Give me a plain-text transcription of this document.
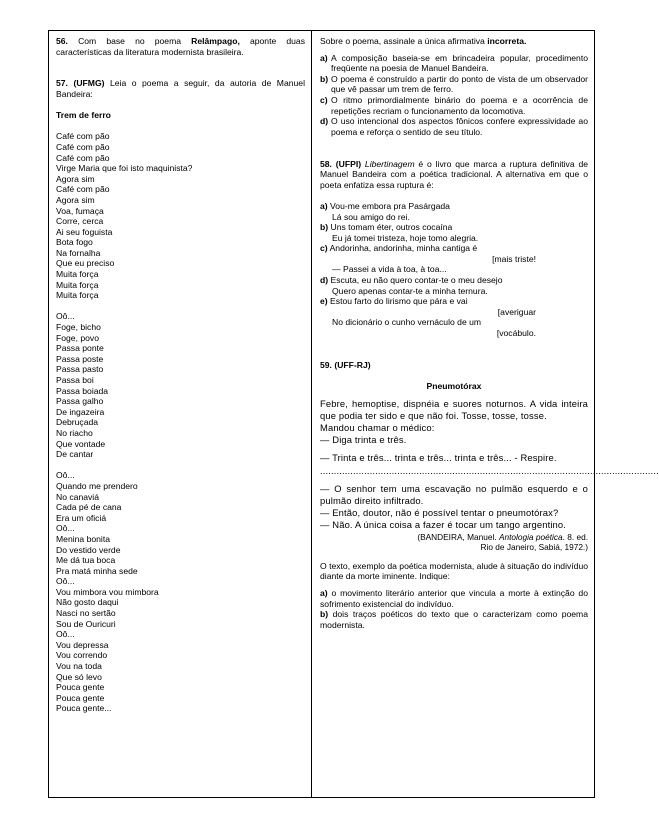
56. Com base no poema Relâmpago, aponte duas características da literatura modernista brasileira.

57. (UFMG) Leia o poema a seguir, da autoria de Manuel Bandeira:

Trem de ferro

Café com pão
Café com pão
Café com pão
Virge Maria que foi isto maquinista?
Agora sim
Café com pão
Agora sim
Voa, fumaça
Corre, cerca
Ai seu foguista
Bota fogo
Na fornalha
Que eu preciso
Muita força
Muita força
Muita força
Oô...
Foge, bicho
Foge, povo
Passa ponte
Passa poste
Passa pasto
Passa boi
Passa boiada
Passa galho
De ingazeira
Debruçada
No riacho
Que vontade
De cantar
Oô...
Quando me prendero
No canaviá
Cada pé de cana
Era um oficiá
Oô...
Menina bonita
Do vestido verde
Me dá tua boca
Pra matá minha sede
Oô...
Vou mimbora vou mimbora
Não gosto daqui
Nasci no sertão
Sou de Ouricuri
Oô...
Vou depressa
Vou correndo
Vou na toda
Que só levo
Pouca gente
Pouca gente
Pouca gente...

Sobre o poema, assinale a única afirmativa incorreta.

a) A composição baseia-se em brincadeira popular, procedimento freqüente na poesia de Manuel Bandeira.
b) O poema é construído a partir do ponto de vista de um observador que vê passar um trem de ferro.
c) O ritmo primordialmente binário do poema e a ocorrência de repetições recriam o funcionamento da locomotiva.
d) O uso intencional dos aspectos fônicos confere expressividade ao poema e reforça o sentido de seu título.

58. (UFPI) Libertinagem é o livro que marca a ruptura definitiva de Manuel Bandeira com a poética tradicional. A alternativa em que o poeta enfatiza essa ruptura é:

a) Vou-me embora pra Pasárgada

Lá sou amigo do rei.

b) Uns tomam éter, outros cocaína

Eu já tomei tristeza, hoje tomo alegria.

c) Andorinha, andorinha, minha cantiga é

[mais triste!

— Passei a vida à toa, à toa...

d) Escuta, eu não quero contar-te o meu desejo

Quero apenas contar-te a minha ternura.

e) Estou farto do lirismo que pára e vai

[averiguar

No dicionário o cunho vernáculo de um

[vocábulo.

59. (UFF-RJ)

Pneumotórax

Febre, hemoptise, dispnéia e suores noturnos. A vida inteira que podia ter sido e que não foi. Tosse, tosse, tosse.

Mandou chamar o médico:

— Diga trinta e três.

— Trinta e três... trinta e três... trinta e três... - Respire.

...........................................................................................................................

— O senhor tem uma escavação no pulmão esquerdo e o pulmão direito infiltrado.

— Então, doutor, não é possível tentar o pneumotórax?

— Não. A única coisa a fazer é tocar um tango argentino.

(BANDEIRA, Manuel. Antologia poética. 8. ed.

Rio de Janeiro, Sabiá, 1972.)

O texto, exemplo da poética modernista, alude à situação do indivíduo diante da morte iminente. Indique:

a) o movimento literário anterior que vincula a morte à extinção do sofrimento existencial do indivíduo.

b) dois traços poéticos do texto que o caracterizam como poema modernista.
